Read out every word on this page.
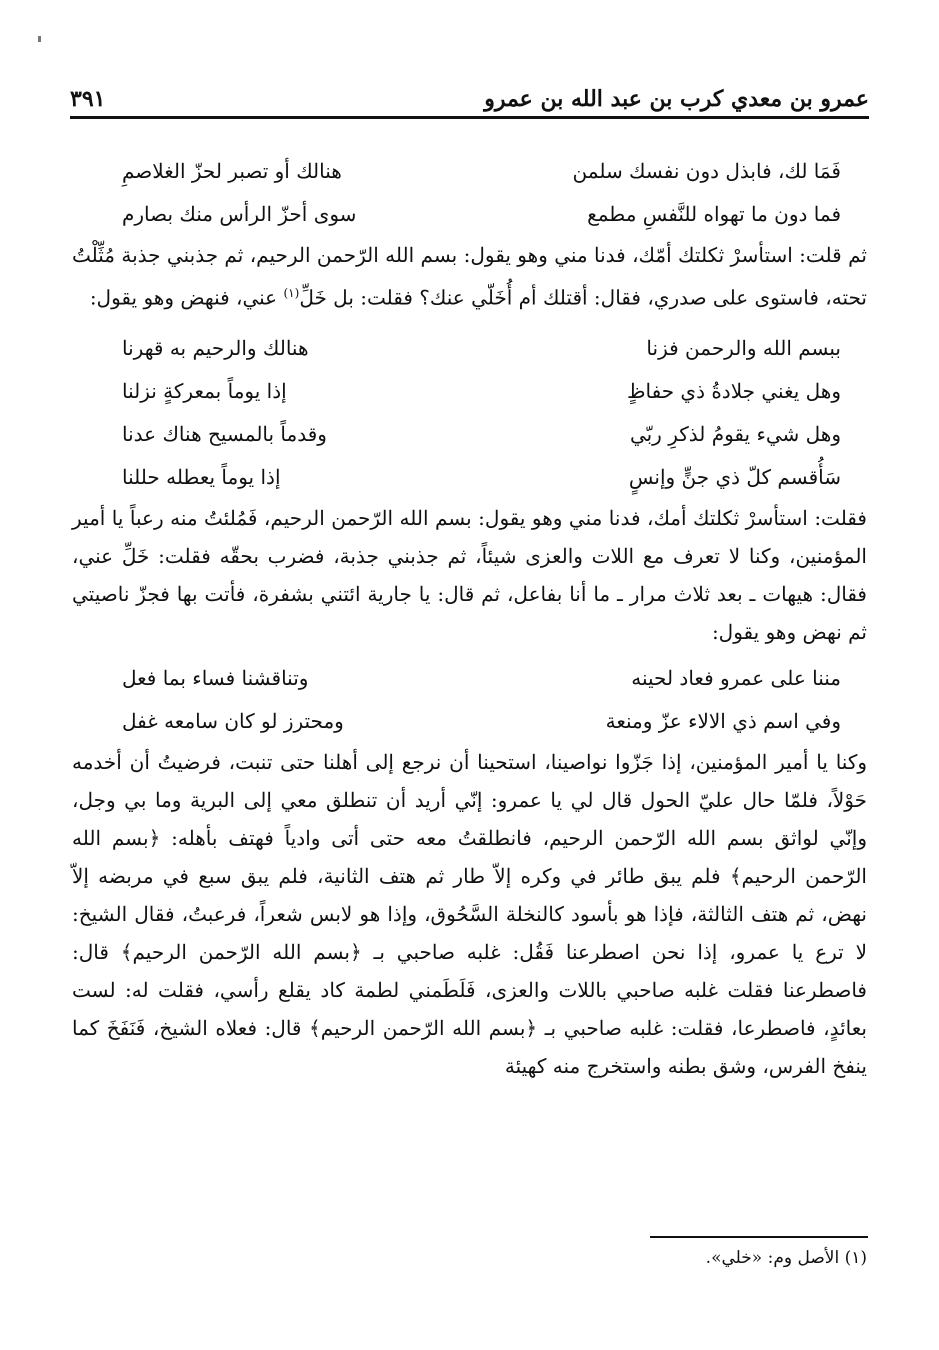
عمرو بن معدي كرب بن عبد الله بن عمرو
٣٩١
فَمَا لك، فابذل دون نفسك سلمن
هنالك أو تصبر لحزّ الغلاصمِ
فما دون ما تهواه للنَّفسِ مطمع
سوى أحزّ الرأس منك بصارم

ثم قلت: استأسرْ ثكلتك أمّك، فدنا مني وهو يقول: بسم الله الرّحمن الرحيم، ثم جذبني جذبة مُثِّلْتُ تحته، فاستوى على صدري، فقال: أقتلك أم أُخَلّي عنك؟ فقلت: بل خَلِّ$^{(١)}$ عني، فنهض وهو يقول:

ببسم الله والرحمن فزنا
هنالك والرحيم به قهرنا
وهل يغني جلادةُ ذي حفاظٍ
إذا يوماً بمعركةٍ نزلنا
وهل شيء يقومُ لذكرِ ربّي
وقدماً بالمسيح هناك عدنا
سَأُقسم كلّ ذي جنٍّ وإنسٍ
إذا يوماً يعطله حللنا

فقلت: استأسرْ ثكلتك أمك، فدنا مني وهو يقول: بسم الله الرّحمن الرحيم، فَمُلئتُ منه رعباً يا أمير المؤمنين، وكنا لا تعرف مع اللات والعزى شيئاً، ثم جذبني جذبة، فضرب بحقّه فقلت: خَلِّ عني، فقال: هيهات ـ بعد ثلاث مرار ـ ما أنا بفاعل، ثم قال: يا جارية ائتني بشفرة، فأتت بها فجزّ ناصيتي ثم نهض وهو يقول:

مننا على عمرو فعاد لحينه
وتناقشنا فساء بما فعل
وفي اسم ذي الالاء عزّ ومنعة
ومحترز لو كان سامعه غفل

وكنا يا أمير المؤمنين، إذا جَزّوا نواصينا، استحينا أن نرجع إلى أهلنا حتى تنبت، فرضيتُ أن أخدمه حَوْلاً، فلمّا حال عليّ الحول قال لي يا عمرو: إنّي أريد أن تنطلق معي إلى البرية وما بي وجل، وإنّي لواثق بسم الله الرّحمن الرحيم، فانطلقتُ معه حتى أتى وادياً فهتف بأهله: ﴿بسم الله الرّحمن الرحيم﴾ فلم يبق طائر في وكره إلاّ طار ثم هتف الثانية، فلم يبق سبع في مربضه إلاّ نهض، ثم هتف الثالثة، فإذا هو بأسود كالنخلة السَّحُوق، وإذا هو لابس شعراً، فرعبتُ، فقال الشيخ: لا ترع يا عمرو، إذا نحن اصطرعنا فَقُل: غلبه صاحبي بـ ﴿بسم الله الرّحمن الرحيم﴾ قال: فاصطرعنا فقلت غلبه صاحبي باللات والعزى، فَلَطَمني لطمة كاد يقلع رأسي، فقلت له: لست بعائدٍ، فاصطرعا، فقلت: غلبه صاحبي بـ ﴿بسم الله الرّحمن الرحيم﴾ قال: فعلاه الشيخ، فَنَفَخَ كما ينفخ الفرس، وشق بطنه واستخرج منه كهيئة

(١) الأصل وم: «خلي».
